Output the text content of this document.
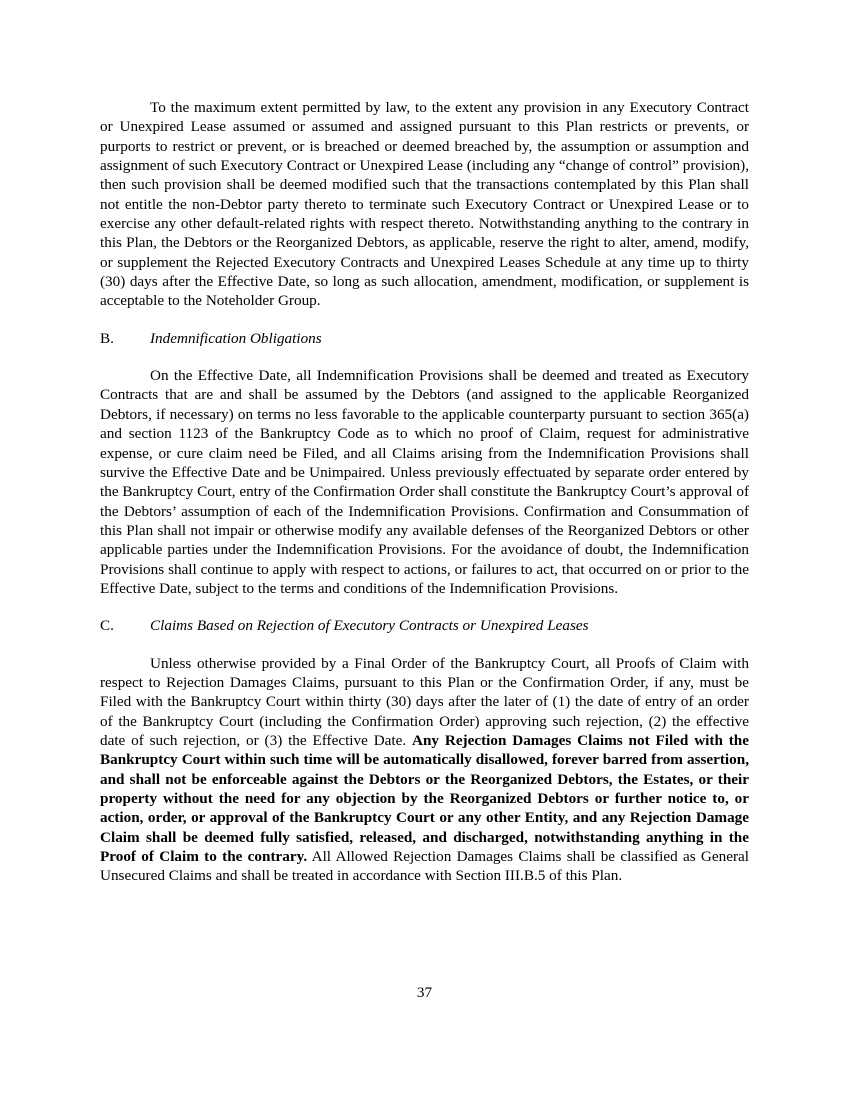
To the maximum extent permitted by law, to the extent any provision in any Executory Contract or Unexpired Lease assumed or assumed and assigned pursuant to this Plan restricts or prevents, or purports to restrict or prevent, or is breached or deemed breached by, the assumption or assumption and assignment of such Executory Contract or Unexpired Lease (including any “change of control” provision), then such provision shall be deemed modified such that the transactions contemplated by this Plan shall not entitle the non-Debtor party thereto to terminate such Executory Contract or Unexpired Lease or to exercise any other default-related rights with respect thereto. Notwithstanding anything to the contrary in this Plan, the Debtors or the Reorganized Debtors, as applicable, reserve the right to alter, amend, modify, or supplement the Rejected Executory Contracts and Unexpired Leases Schedule at any time up to thirty (30) days after the Effective Date, so long as such allocation, amendment, modification, or supplement is acceptable to the Noteholder Group.

B.	Indemnification Obligations

On the Effective Date, all Indemnification Provisions shall be deemed and treated as Executory Contracts that are and shall be assumed by the Debtors (and assigned to the applicable Reorganized Debtors, if necessary) on terms no less favorable to the applicable counterparty pursuant to section 365(a) and section 1123 of the Bankruptcy Code as to which no proof of Claim, request for administrative expense, or cure claim need be Filed, and all Claims arising from the Indemnification Provisions shall survive the Effective Date and be Unimpaired. Unless previously effectuated by separate order entered by the Bankruptcy Court, entry of the Confirmation Order shall constitute the Bankruptcy Court’s approval of the Debtors’ assumption of each of the Indemnification Provisions. Confirmation and Consummation of this Plan shall not impair or otherwise modify any available defenses of the Reorganized Debtors or other applicable parties under the Indemnification Provisions. For the avoidance of doubt, the Indemnification Provisions shall continue to apply with respect to actions, or failures to act, that occurred on or prior to the Effective Date, subject to the terms and conditions of the Indemnification Provisions.

C.	Claims Based on Rejection of Executory Contracts or Unexpired Leases

Unless otherwise provided by a Final Order of the Bankruptcy Court, all Proofs of Claim with respect to Rejection Damages Claims, pursuant to this Plan or the Confirmation Order, if any, must be Filed with the Bankruptcy Court within thirty (30) days after the later of (1) the date of entry of an order of the Bankruptcy Court (including the Confirmation Order) approving such rejection, (2) the effective date of such rejection, or (3) the Effective Date. Any Rejection Damages Claims not Filed with the Bankruptcy Court within such time will be automatically disallowed, forever barred from assertion, and shall not be enforceable against the Debtors or the Reorganized Debtors, the Estates, or their property without the need for any objection by the Reorganized Debtors or further notice to, or action, order, or approval of the Bankruptcy Court or any other Entity, and any Rejection Damage Claim shall be deemed fully satisfied, released, and discharged, notwithstanding anything in the Proof of Claim to the contrary. All Allowed Rejection Damages Claims shall be classified as General Unsecured Claims and shall be treated in accordance with Section III.B.5 of this Plan.

37
